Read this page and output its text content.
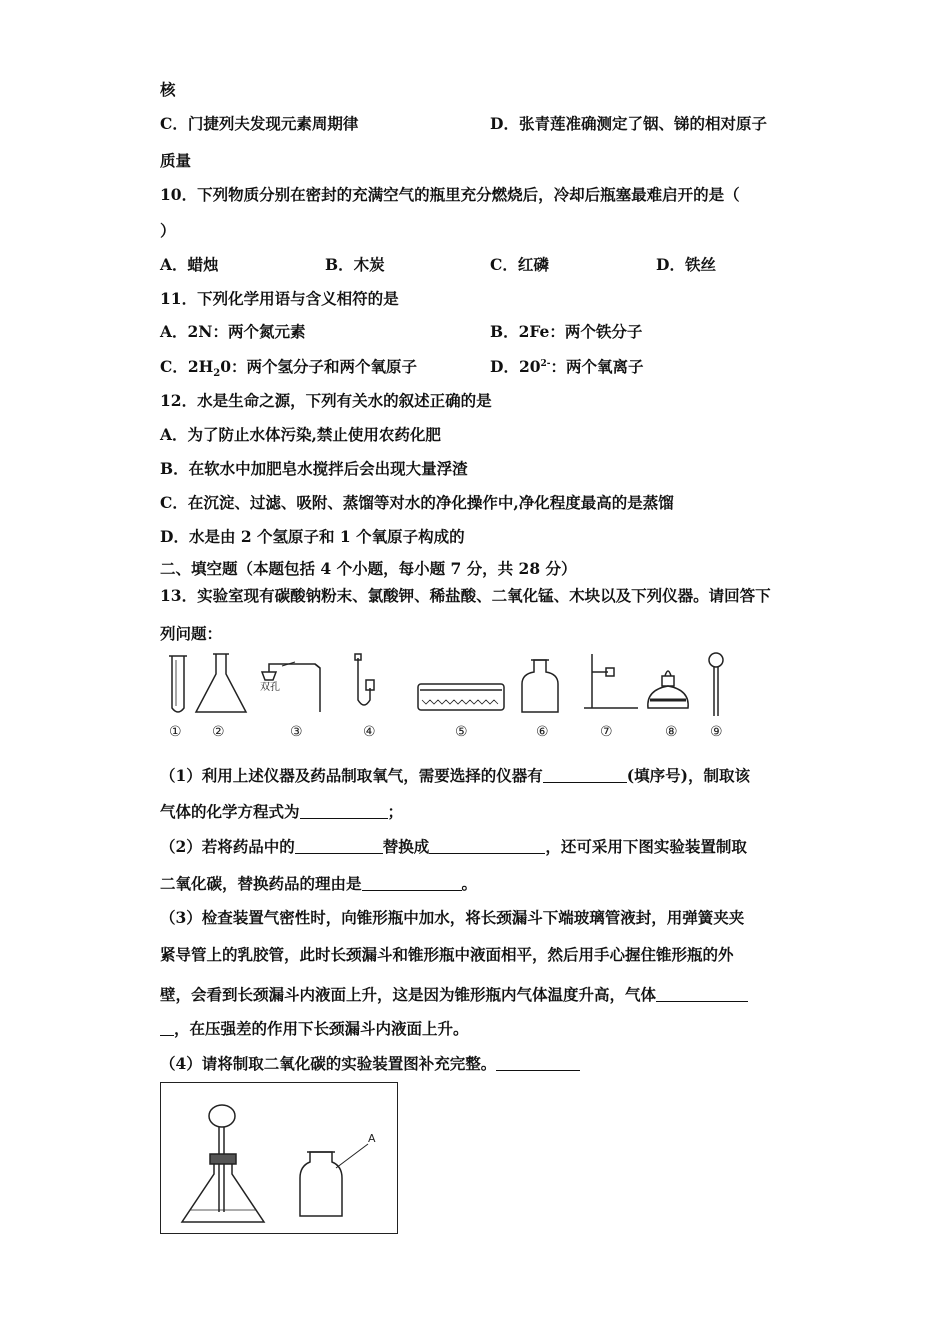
核
C．门捷列夫发现元素周期律	D．张青莲准确测定了铟、锑的相对原子
质量
10．下列物质分别在密封的充满空气的瓶里充分燃烧后，冷却后瓶塞最难启开的是（
）
A．蜡烛	B．木炭	C．红磷	D．铁丝
11．下列化学用语与含义相符的是
A．2N：两个氮元素	B．2Fe：两个铁分子
C．$2H_20$：两个氢分子和两个氧原子	D．$20^{2-}$：两个氧离子
12．水是生命之源，下列有关水的叙述正确的是
A．为了防止水体污染,禁止使用农药化肥
B．在软水中加肥皂水搅拌后会出现大量浮渣
C．在沉淀、过滤、吸附、蒸馏等对水的净化操作中,净化程度最高的是蒸馏
D．水是由 2 个氢原子和 1 个氧原子构成的
二、填空题（本题包括 4 个小题，每小题 7 分，共 28 分）
13．实验室现有碳酸钠粉末、氯酸钾、稀盐酸、二氧化锰、木块以及下列仪器。请回答下
列问题：
双孔
① ②	③	④	⑤	⑥	⑦	⑧ ⑨
（1）利用上述仪器及药品制取氧气，需要选择的仪器有	(填序号)，制取该
气体的化学方程式为	；
（2）若将药品中的	替换成	，还可采用下图实验装置制取
二氧化碳，替换药品的理由是	。
（3）检查装置气密性时，向锥形瓶中加水，将长颈漏斗下端玻璃管液封，用弹簧夹夹
紧导管上的乳胶管，此时长颈漏斗和锥形瓶中液面相平，然后用手心握住锥形瓶的外
壁，会看到长颈漏斗内液面上升，这是因为锥形瓶内气体温度升高，气体
，在压强差的作用下长颈漏斗内液面上升。
（4）请将制取二氧化碳的实验装置图补充完整。
A
